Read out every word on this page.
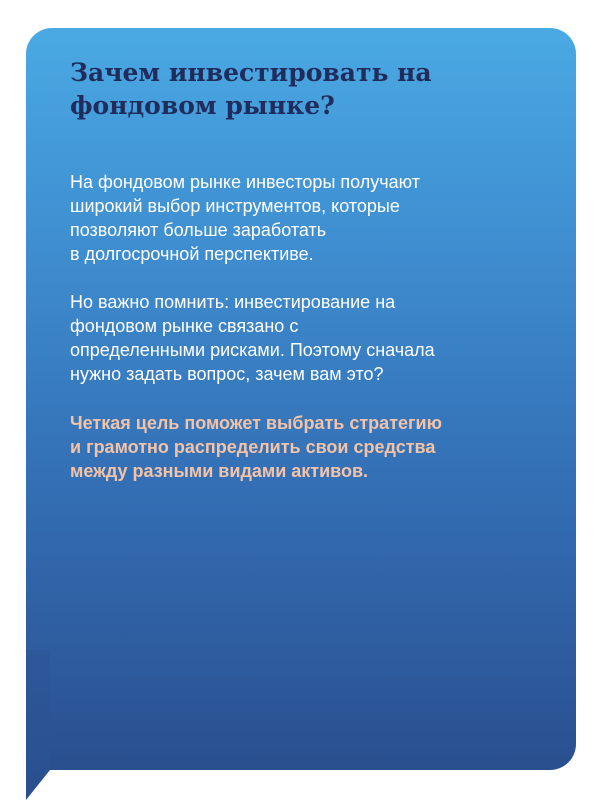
Зачем инвестировать на
фондовом рынке?

На фондовом рынке инвесторы получают
широкий выбор инструментов, которые
позволяют больше заработать
в долгосрочной перспективе.

Но важно помнить: инвестирование на
фондовом рынке связано с
определенными рисками. Поэтому сначала
нужно задать вопрос, зачем вам это?

Четкая цель поможет выбрать стратегию
и грамотно распределить свои средства
между разными видами активов.
